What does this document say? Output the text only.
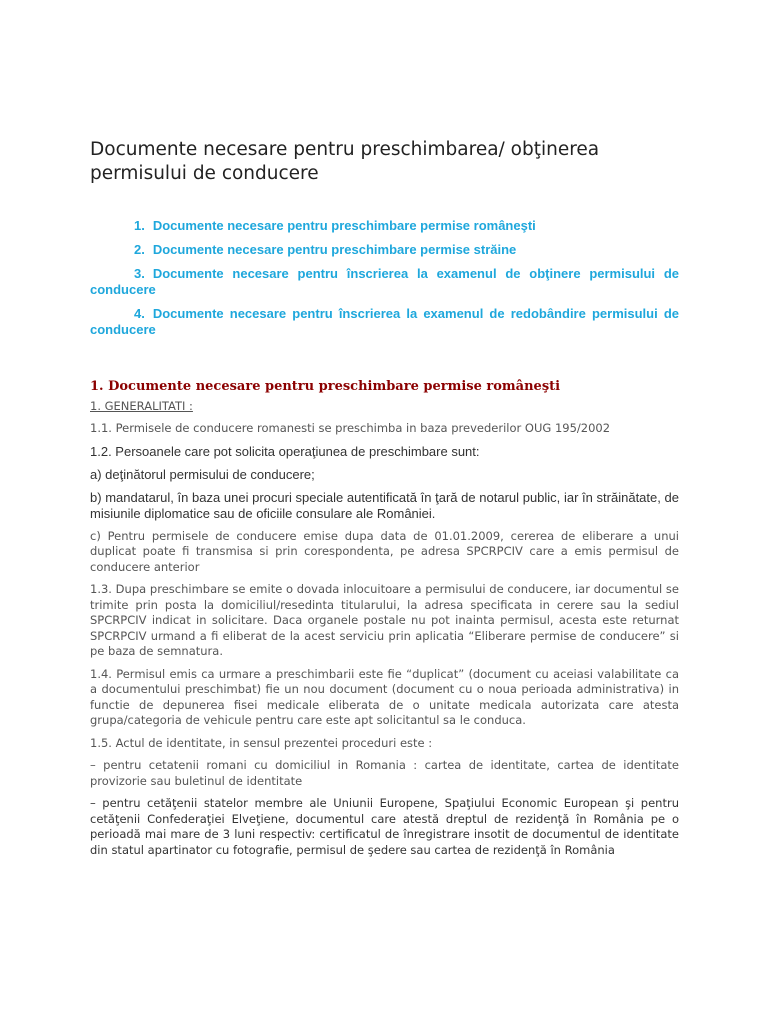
Documente necesare pentru preschimbarea/ obţinerea permisului de conducere
1. Documente necesare pentru preschimbare permise româneşti
2. Documente necesare pentru preschimbare permise străine
3. Documente necesare pentru înscrierea la examenul de obţinere permisului de conducere
4. Documente necesare pentru înscrierea la examenul de redobândire permisului de conducere
1. Documente necesare pentru preschimbare permise româneşti
1. GENERALITATI :
1.1. Permisele de conducere romanesti se preschimba in baza prevederilor OUG 195/2002
1.2. Persoanele care pot solicita operaţiunea de preschimbare sunt:
a) deţinătorul permisului de conducere;
b) mandatarul, în baza unei procuri speciale autentificată în ţară de notarul public, iar în străinătate, de misiunile diplomatice sau de oficiile consulare ale României.
c) Pentru permisele de conducere emise dupa data de 01.01.2009, cererea de eliberare a unui duplicat poate fi transmisa si prin corespondenta, pe adresa SPCRPCIV care a emis permisul de conducere anterior
1.3. Dupa preschimbare se emite o dovada inlocuitoare a permisului de conducere, iar documentul se trimite prin posta la domiciliul/resedinta titularului, la adresa specificata in cerere sau la sediul SPCRPCIV indicat in solicitare. Daca organele postale nu pot inainta permisul, acesta este returnat SPCRPCIV urmand a fi eliberat de la acest serviciu prin aplicatia “Eliberare permise de conducere” si pe baza de semnatura.
1.4. Permisul emis ca urmare a preschimbarii este fie “duplicat” (document cu aceiasi valabilitate ca a documentului preschimbat) fie un nou document (document cu o noua perioada administrativa) in functie de depunerea fisei medicale eliberata de o unitate medicala autorizata care atesta grupa/categoria de vehicule pentru care este apt solicitantul sa le conduca.
1.5. Actul de identitate, in sensul prezentei proceduri este :
– pentru cetatenii romani cu domiciliul in Romania : cartea de identitate, cartea de identitate provizorie sau buletinul de identitate
– pentru cetăţenii statelor membre ale Uniunii Europene, Spaţiului Economic European şi pentru cetăţenii Confederaţiei Elveţiene, documentul care atestă dreptul de rezidenţă în România pe o perioadă mai mare de 3 luni respectiv: certificatul de înregistrare insotit de documentul de identitate din statul apartinator cu fotografie, permisul de şedere sau cartea de rezidenţă în România
